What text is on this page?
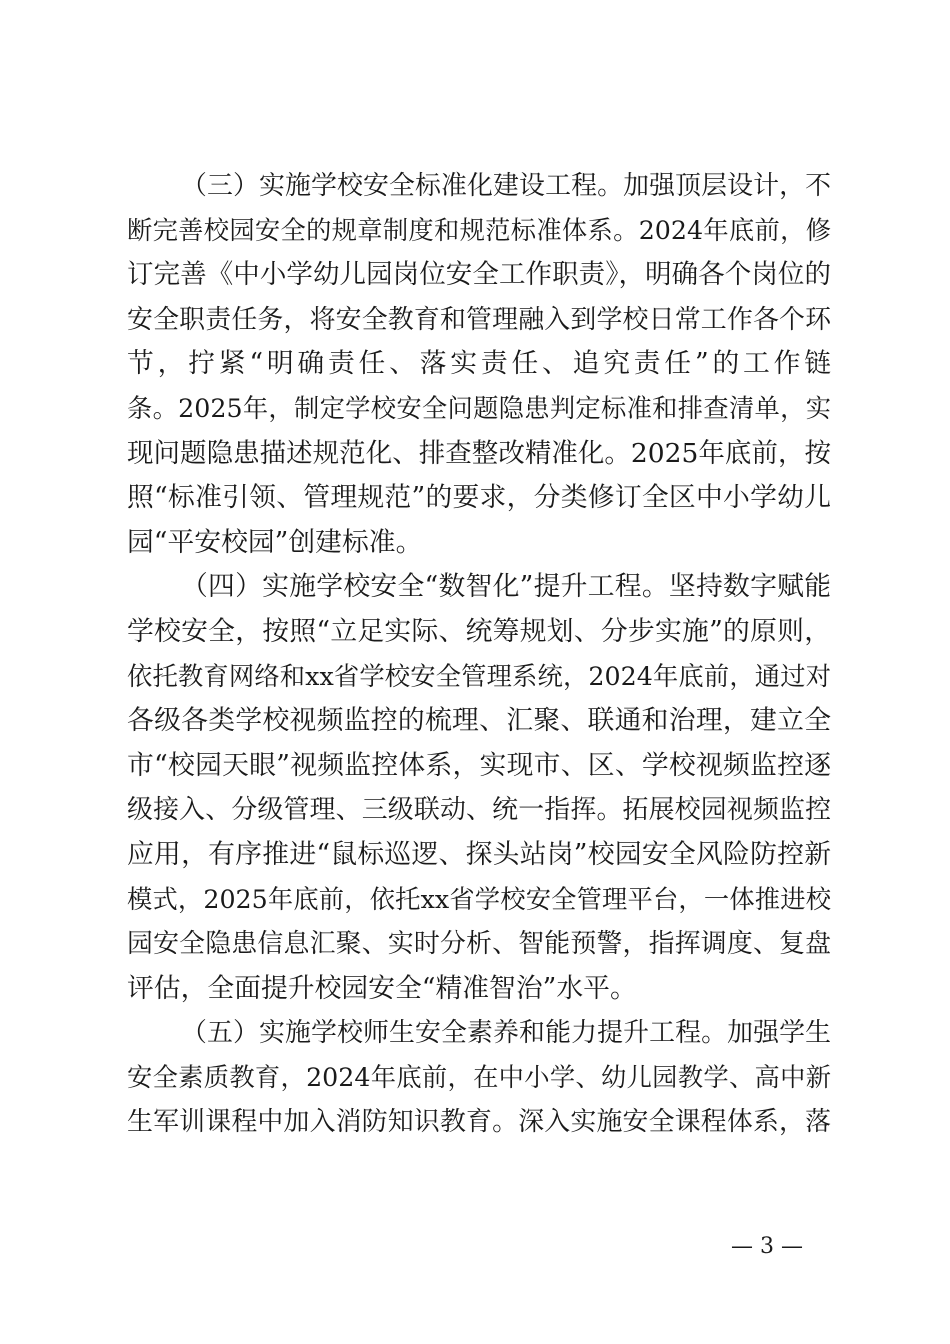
（三）实施学校安全标准化建设工程。加强顶层设计，不
断完善校园安全的规章制度和规范标准体系。2024年底前，修
订完善《中小学幼儿园岗位安全工作职责》，明确各个岗位的
安全职责任务，将安全教育和管理融入到学校日常工作各个环
节，拧紧“明确责任、落实责任、追究责任”的工作链
条。2025年，制定学校安全问题隐患判定标准和排查清单，实
现问题隐患描述规范化、排查整改精准化。2025年底前，按
照“标准引领、管理规范”的要求，分类修订全区中小学幼儿
园“平安校园”创建标准。
（四）实施学校安全“数智化”提升工程。坚持数字赋能
学校安全，按照“立足实际、统筹规划、分步实施”的原则，
依托教育网络和xx省学校安全管理系统，2024年底前，通过对
各级各类学校视频监控的梳理、汇聚、联通和治理，建立全
市“校园天眼”视频监控体系，实现市、区、学校视频监控逐
级接入、分级管理、三级联动、统一指挥。拓展校园视频监控
应用，有序推进“鼠标巡逻、探头站岗”校园安全风险防控新
模式，2025年底前，依托xx省学校安全管理平台，一体推进校
园安全隐患信息汇聚、实时分析、智能预警，指挥调度、复盘
评估，全面提升校园安全“精准智治”水平。
（五）实施学校师生安全素养和能力提升工程。加强学生
安全素质教育，2024年底前，在中小学、幼儿园教学、高中新
生军训课程中加入消防知识教育。深入实施安全课程体系，落
— 3 —
